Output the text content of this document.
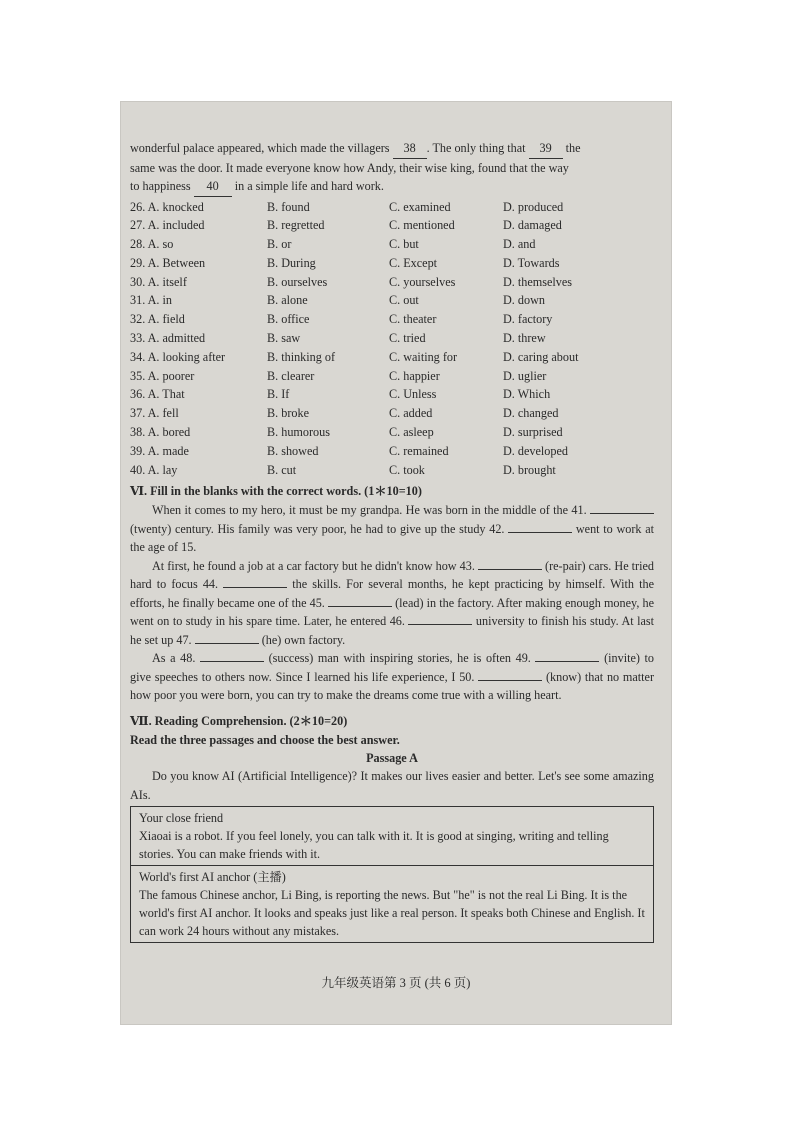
wonderful palace appeared, which made the villagers 38 . The only thing that 39 the

same was the door. It made everyone know how Andy, their wise king, found that the way

to happiness 40 in a simple life and hard work.

26. A. knocked	B. found	C. examined	D. produced
27. A. included	B. regretted	C. mentioned	D. damaged
28. A. so	B. or	C. but	D. and
29. A. Between	B. During	C. Except	D. Towards
30. A. itself	B. ourselves	C. yourselves	D. themselves
31. A. in	B. alone	C. out	D. down
32. A. field	B. office	C. theater	D. factory
33. A. admitted	B. saw	C. tried	D. threw
34. A. looking after	B. thinking of	C. waiting for	D. caring about
35. A. poorer	B. clearer	C. happier	D. uglier
36. A. That	B. If	C. Unless	D. Which
37. A. fell	B. broke	C. added	D. changed
38. A. bored	B. humorous	C. asleep	D. surprised
39. A. made	B. showed	C. remained	D. developed
40. A. lay	B. cut	C. took	D. brought
Ⅵ. Fill in the blanks with the correct words. (1＊10=10)

When it comes to my hero, it must be my grandpa. He was born in the middle of the 41.  (twenty) century. His family was very poor, he had to give up the study 42.	went to work at the age of 15.

At first, he found a job at a car factory but he didn't know how 43.	(re-pair) cars. He tried hard to focus 44.	the skills. For several months, he kept practicing by himself. With the efforts, he finally became one of the 45.	(lead) in the factory. After making enough money, he went on to study in his spare time. Later, he entered 46.	university to finish his study. At last he set up 47.	(he) own factory.

As a 48.	(success) man with inspiring stories, he is often 49.	(invite) to give speeches to others now. Since I learned his life experience, I 50.	(know) that no matter how poor you were born, you can try to make the dreams come true with a willing heart.

Ⅶ. Reading Comprehension. (2＊10=20)
Read the three passages and choose the best answer.
Passage A

Do you know AI (Artificial Intelligence)? It makes our lives easier and better. Let's see some amazing AIs.

Your close friend
Xiaoai is a robot. If you feel lonely, you can talk with it. It is good at singing, writing and telling stories. You can make friends with it.
World's first AI anchor (主播)
The famous Chinese anchor, Li Bing, is reporting the news. But "he" is not the real Li Bing. It is the world's first AI anchor. It looks and speaks just like a real person. It speaks both Chinese and English. It can work 24 hours without any mistakes.
九年级英语第 3 页 (共 6 页)
